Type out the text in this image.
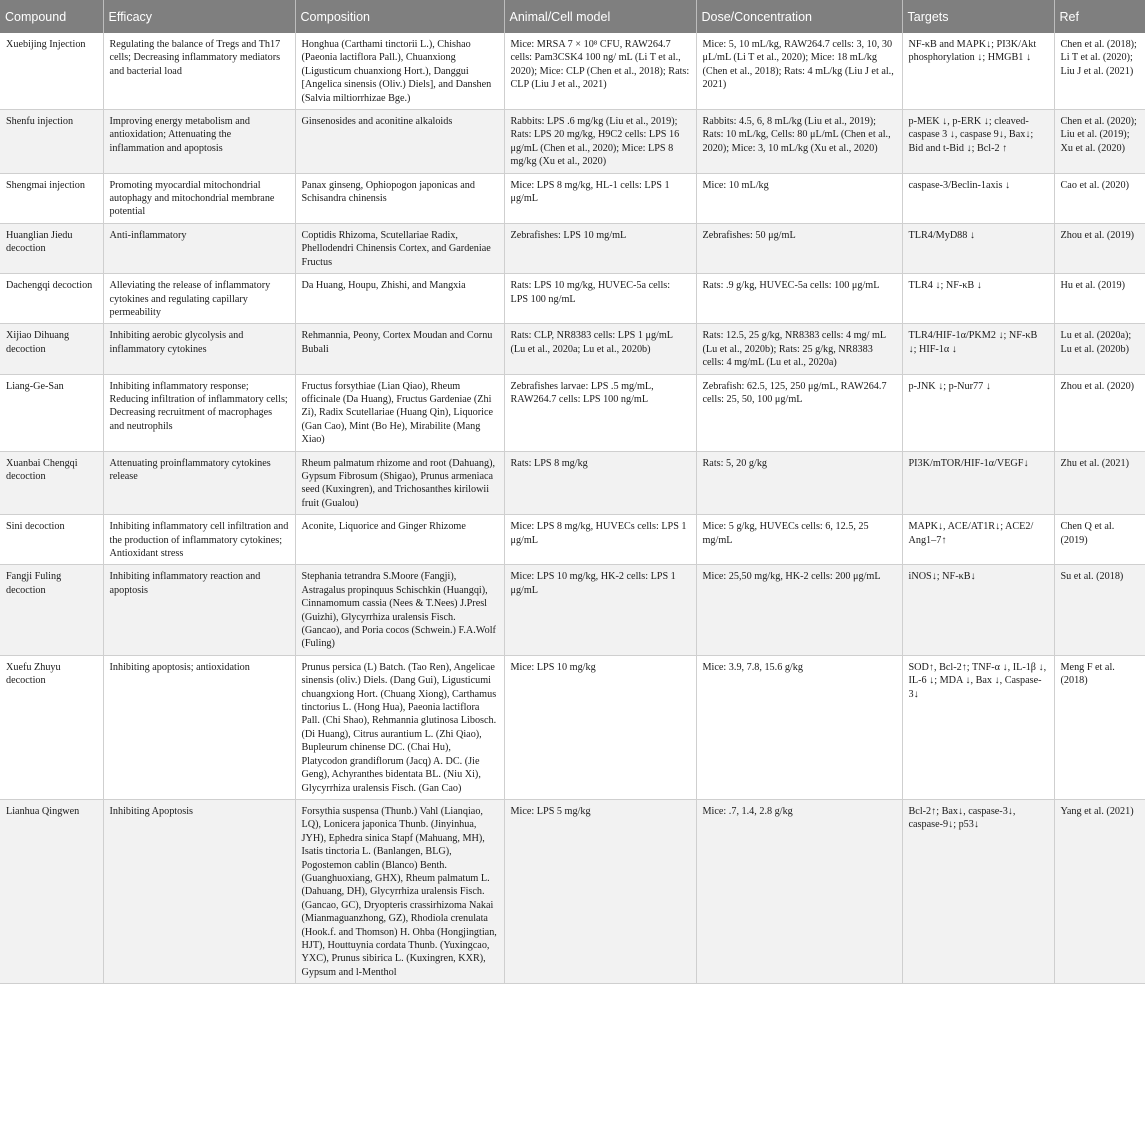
Compound	Efficacy	Composition	Animal/Cell model	Dose/Concentration	Targets	Ref
Xuebijing Injection	Regulating the balance of Tregs and Th17 cells; Decreasing inflammatory mediators and bacterial load	Honghua (Carthami tinctorii L.), Chishao (Paeonia lactiflora Pall.), Chuanxiong (Ligusticum chuanxiong Hort.), Danggui [Angelica sinensis (Oliv.) Diels], and Danshen (Salvia miltiorrhizae Bge.)	Mice: MRSA 7 × 10⁸ CFU, RAW264.7 cells: Pam3CSK4 100 ng/ mL (Li T et al., 2020); Mice: CLP (Chen et al., 2018); Rats: CLP (Liu J et al., 2021)	Mice: 5, 10 mL/kg, RAW264.7 cells: 3, 10, 30 μL/mL (Li T et al., 2020); Mice: 18 mL/kg (Chen et al., 2018); Rats: 4 mL/kg (Liu J et al., 2021)	NF-κB and MAPK↓; PI3K/Akt phosphorylation ↓; HMGB1 ↓	Chen et al. (2018); Li T et al. (2020); Liu J et al. (2021)
Shenfu injection	Improving energy metabolism and antioxidation; Attenuating the inflammation and apoptosis	Ginsenosides and aconitine alkaloids	Rabbits: LPS .6 mg/kg (Liu et al., 2019); Rats: LPS 20 mg/kg, H9C2 cells: LPS 16 μg/mL (Chen et al., 2020); Mice: LPS 8 mg/kg (Xu et al., 2020)	Rabbits: 4.5, 6, 8 mL/kg (Liu et al., 2019); Rats: 10 mL/kg, Cells: 80 μL/mL (Chen et al., 2020); Mice: 3, 10 mL/kg (Xu et al., 2020)	p-MEK ↓, p-ERK ↓; cleaved-caspase 3 ↓, caspase 9↓, Bax↓; Bid and t-Bid ↓; Bcl-2 ↑	Chen et al. (2020); Liu et al. (2019); Xu et al. (2020)
Shengmai injection	Promoting myocardial mitochondrial autophagy and mitochondrial membrane potential	Panax ginseng, Ophiopogon japonicas and Schisandra chinensis	Mice: LPS 8 mg/kg, HL-1 cells: LPS 1 μg/mL	Mice: 10 mL/kg	caspase-3/Beclin-1axis ↓	Cao et al. (2020)
Huanglian Jiedu decoction	Anti-inflammatory	Coptidis Rhizoma, Scutellariae Radix, Phellodendri Chinensis Cortex, and Gardeniae Fructus	Zebrafishes: LPS 10 mg/mL	Zebrafishes: 50 μg/mL	TLR4/MyD88 ↓	Zhou et al. (2019)
Dachengqi decoction	Alleviating the release of inflammatory cytokines and regulating capillary permeability	Da Huang, Houpu, Zhishi, and Mangxia	Rats: LPS 10 mg/kg, HUVEC-5a cells: LPS 100 ng/mL	Rats: .9 g/kg, HUVEC-5a cells: 100 μg/mL	TLR4 ↓; NF-κB ↓	Hu et al. (2019)
Xijiao Dihuang decoction	Inhibiting aerobic glycolysis and inflammatory cytokines	Rehmannia, Peony, Cortex Moudan and Cornu Bubali	Rats: CLP, NR8383 cells: LPS 1 μg/mL (Lu et al., 2020a; Lu et al., 2020b)	Rats: 12.5, 25 g/kg, NR8383 cells: 4 mg/ mL (Lu et al., 2020b); Rats: 25 g/kg, NR8383 cells: 4 mg/mL (Lu et al., 2020a)	TLR4/HIF-1α/PKM2 ↓; NF-κB ↓; HIF-1α ↓	Lu et al. (2020a); Lu et al. (2020b)
Liang-Ge-San	Inhibiting inflammatory response; Reducing infiltration of inflammatory cells; Decreasing recruitment of macrophages and neutrophils	Fructus forsythiae (Lian Qiao), Rheum officinale (Da Huang), Fructus Gardeniae (Zhi Zi), Radix Scutellariae (Huang Qin), Liquorice (Gan Cao), Mint (Bo He), Mirabilite (Mang Xiao)	Zebrafishes larvae: LPS .5 mg/mL, RAW264.7 cells: LPS 100 ng/mL	Zebrafish: 62.5, 125, 250 μg/mL, RAW264.7 cells: 25, 50, 100 μg/mL	p-JNK ↓; p-Nur77 ↓	Zhou et al. (2020)
Xuanbai Chengqi decoction	Attenuating proinflammatory cytokines release	Rheum palmatum rhizome and root (Dahuang), Gypsum Fibrosum (Shigao), Prunus armeniaca seed (Kuxingren), and Trichosanthes kirilowii fruit (Gualou)	Rats: LPS 8 mg/kg	Rats: 5, 20 g/kg	PI3K/mTOR/HIF-1α/VEGF↓	Zhu et al. (2021)
Sini decoction	Inhibiting inflammatory cell infiltration and the production of inflammatory cytokines; Antioxidant stress	Aconite, Liquorice and Ginger Rhizome	Mice: LPS 8 mg/kg, HUVECs cells: LPS 1 μg/mL	Mice: 5 g/kg, HUVECs cells: 6, 12.5, 25 mg/mL	MAPK↓, ACE/AT1R↓; ACE2/ Ang1–7↑	Chen Q et al. (2019)
Fangji Fuling decoction	Inhibiting inflammatory reaction and apoptosis	Stephania tetrandra S.Moore (Fangji), Astragalus propinquus Schischkin (Huangqi), Cinnamomum cassia (Nees & T.Nees) J.Presl (Guizhi), Glycyrrhiza uralensis Fisch. (Gancao), and Poria cocos (Schwein.) F.A.Wolf (Fuling)	Mice: LPS 10 mg/kg, HK-2 cells: LPS 1 μg/mL	Mice: 25,50 mg/kg, HK-2 cells: 200 μg/mL	iNOS↓; NF-κB↓	Su et al. (2018)
Xuefu Zhuyu decoction	Inhibiting apoptosis; antioxidation	Prunus persica (L) Batch. (Tao Ren), Angelicae sinensis (oliv.) Diels. (Dang Gui), Ligusticumi chuangxiong Hort. (Chuang Xiong), Carthamus tinctorius L. (Hong Hua), Paeonia lactiflora Pall. (Chi Shao), Rehmannia glutinosa Libosch. (Di Huang), Citrus aurantium L. (Zhi Qiao), Bupleurum chinense DC. (Chai Hu), Platycodon grandiflorum (Jacq) A. DC. (Jie Geng), Achyranthes bidentata BL. (Niu Xi), Glycyrrhiza uralensis Fisch. (Gan Cao)	Mice: LPS 10 mg/kg	Mice: 3.9, 7.8, 15.6 g/kg	SOD↑, Bcl-2↑; TNF-α ↓, IL-1β ↓, IL-6 ↓; MDA ↓, Bax ↓, Caspase-3↓	Meng F et al. (2018)
Lianhua Qingwen	Inhibiting Apoptosis	Forsythia suspensa (Thunb.) Vahl (Lianqiao, LQ), Lonicera japonica Thunb. (Jinyinhua, JYH), Ephedra sinica Stapf (Mahuang, MH), Isatis tinctoria L. (Banlangen, BLG), Pogostemon cablin (Blanco) Benth. (Guanghuoxiang, GHX), Rheum palmatum L. (Dahuang, DH), Glycyrrhiza uralensis Fisch. (Gancao, GC), Dryopteris crassirhizoma Nakai (Mianmaguanzhong, GZ), Rhodiola crenulata (Hook.f. and Thomson) H. Ohba (Hongjingtian, HJT), Houttuynia cordata Thunb. (Yuxingcao, YXC), Prunus sibirica L. (Kuxingren, KXR), Gypsum and l-Menthol	Mice: LPS 5 mg/kg	Mice: .7, 1.4, 2.8 g/kg	Bcl-2↑; Bax↓, caspase-3↓, caspase-9↓; p53↓	Yang et al. (2021)
